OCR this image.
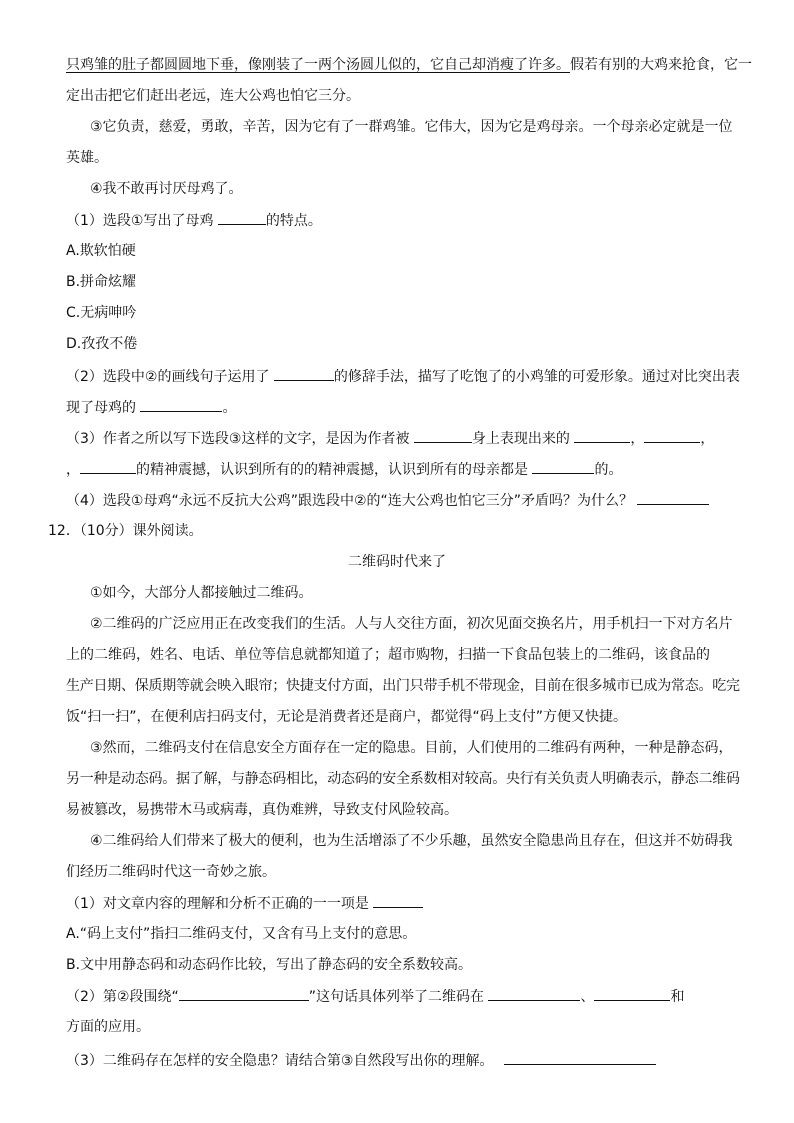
只鸡雏的肚子都圆圆地下垂，像刚装了一两个汤圆儿似的，它自己却消瘦了许多。假若有别的大鸡来抢食，它一
定出击把它们赶出老远，连大公鸡也怕它三分。
③它负责，慈爱，勇敢，辛苦，因为它有了一群鸡雏。它伟大，因为它是鸡母亲。一个母亲必定就是一位
英雄。
④我不敢再讨厌母鸡了。
（1）选段①写出了母鸡	的特点。
A.欺软怕硬
B.拼命炫耀
C.无病呻吟
D.孜孜不倦
（2）选段中②的画线句子运用了	的修辞手法，描写了吃饱了的小鸡雏的可爱形象。通过对比突出表
现了母鸡的	。
（3）作者之所以写下选段③这样的文字，是因为作者被	身上表现出来的	，	，
，	的精神震撼，认识到所有的的精神震撼，认识到所有的母亲都是	的。
（4）选段①母鸡“永远不反抗大公鸡”跟选段中②的“连大公鸡也怕它三分”矛盾吗？为什么？
12．（10分）课外阅读。
二维码时代来了
①如今，大部分人都接触过二维码。
②二维码的广泛应用正在改变我们的生活。人与人交往方面，初次见面交换名片，用手机扫一下对方名片
上的二维码，姓名、电话、单位等信息就都知道了；超市购物，扫描一下食品包装上的二维码，该食品的
生产日期、保质期等就会映入眼帘；快捷支付方面，出门只带手机不带现金，目前在很多城市已成为常态。吃完
饭“扫一扫”，在便利店扫码支付，无论是消费者还是商户，都觉得“码上支付”方便又快捷。
③然而，二维码支付在信息安全方面存在一定的隐患。目前，人们使用的二维码有两种，一种是静态码，
另一种是动态码。据了解，与静态码相比，动态码的安全系数相对较高。央行有关负责人明确表示，静态二维码
易被篡改，易携带木马或病毒，真伪难辨，导致支付风险较高。
④二维码给人们带来了极大的便利，也为生活增添了不少乐趣，虽然安全隐患尚且存在，但这并不妨碍我
们经历二维码时代这一奇妙之旅。
（1）对文章内容的理解和分析不正确的一一项是
A.“码上支付”指扫二维码支付，又含有马上支付的意思。
B.文中用静态码和动态码作比较，写出了静态码的安全系数较高。
（2）第②段围绕“	”这句话具体列举了二维码在	、	和
方面的应用。
（3）二维码存在怎样的安全隐患？请结合第③自然段写出你的理解。
